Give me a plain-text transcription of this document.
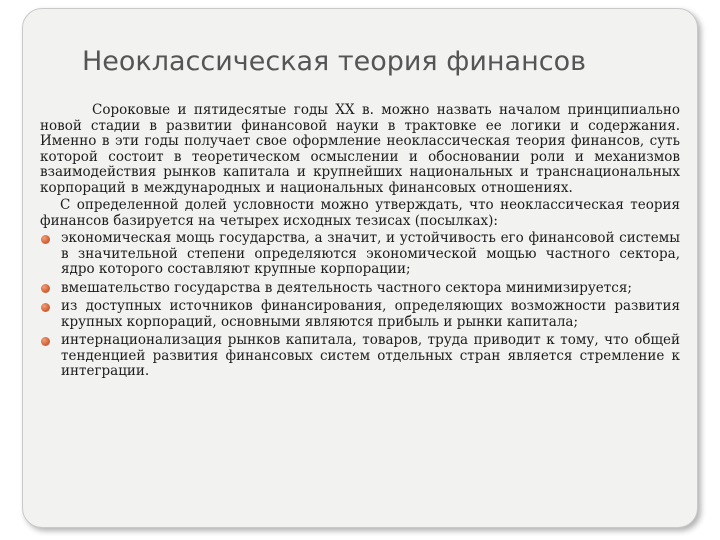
Неоклассическая теория финансов

Сороковые и пятидесятые годы XX в. можно назвать началом принципиально новой стадии в развитии финансовой науки в трактовке ее логики и содержания. Именно в эти годы получает свое оформление неоклассическая теория финансов, суть которой состоит в теоретическом осмыслении и обосновании роли и механизмов взаимодействия рынков капитала и крупнейших национальных и транснациональных корпораций в международных и национальных финансовых отношениях.

С определенной долей условности можно утверждать, что неоклассическая теория финансов базируется на четырех исходных тезисах (посылках):

экономическая мощь государства, а значит, и устойчивость его финансовой системы в значительной степени определяются экономической мощью частного сектора, ядро которого составляют крупные корпорации;
вмешательство государства в деятельность частного сектора минимизируется;
из доступных источников финансирования, определяющих возможности развития крупных корпораций, основными являются прибыль и рынки капитала;
интернационализация рынков капитала, товаров, труда приводит к тому, что общей тенденцией развития финансовых систем отдельных стран является стремление к интеграции.
